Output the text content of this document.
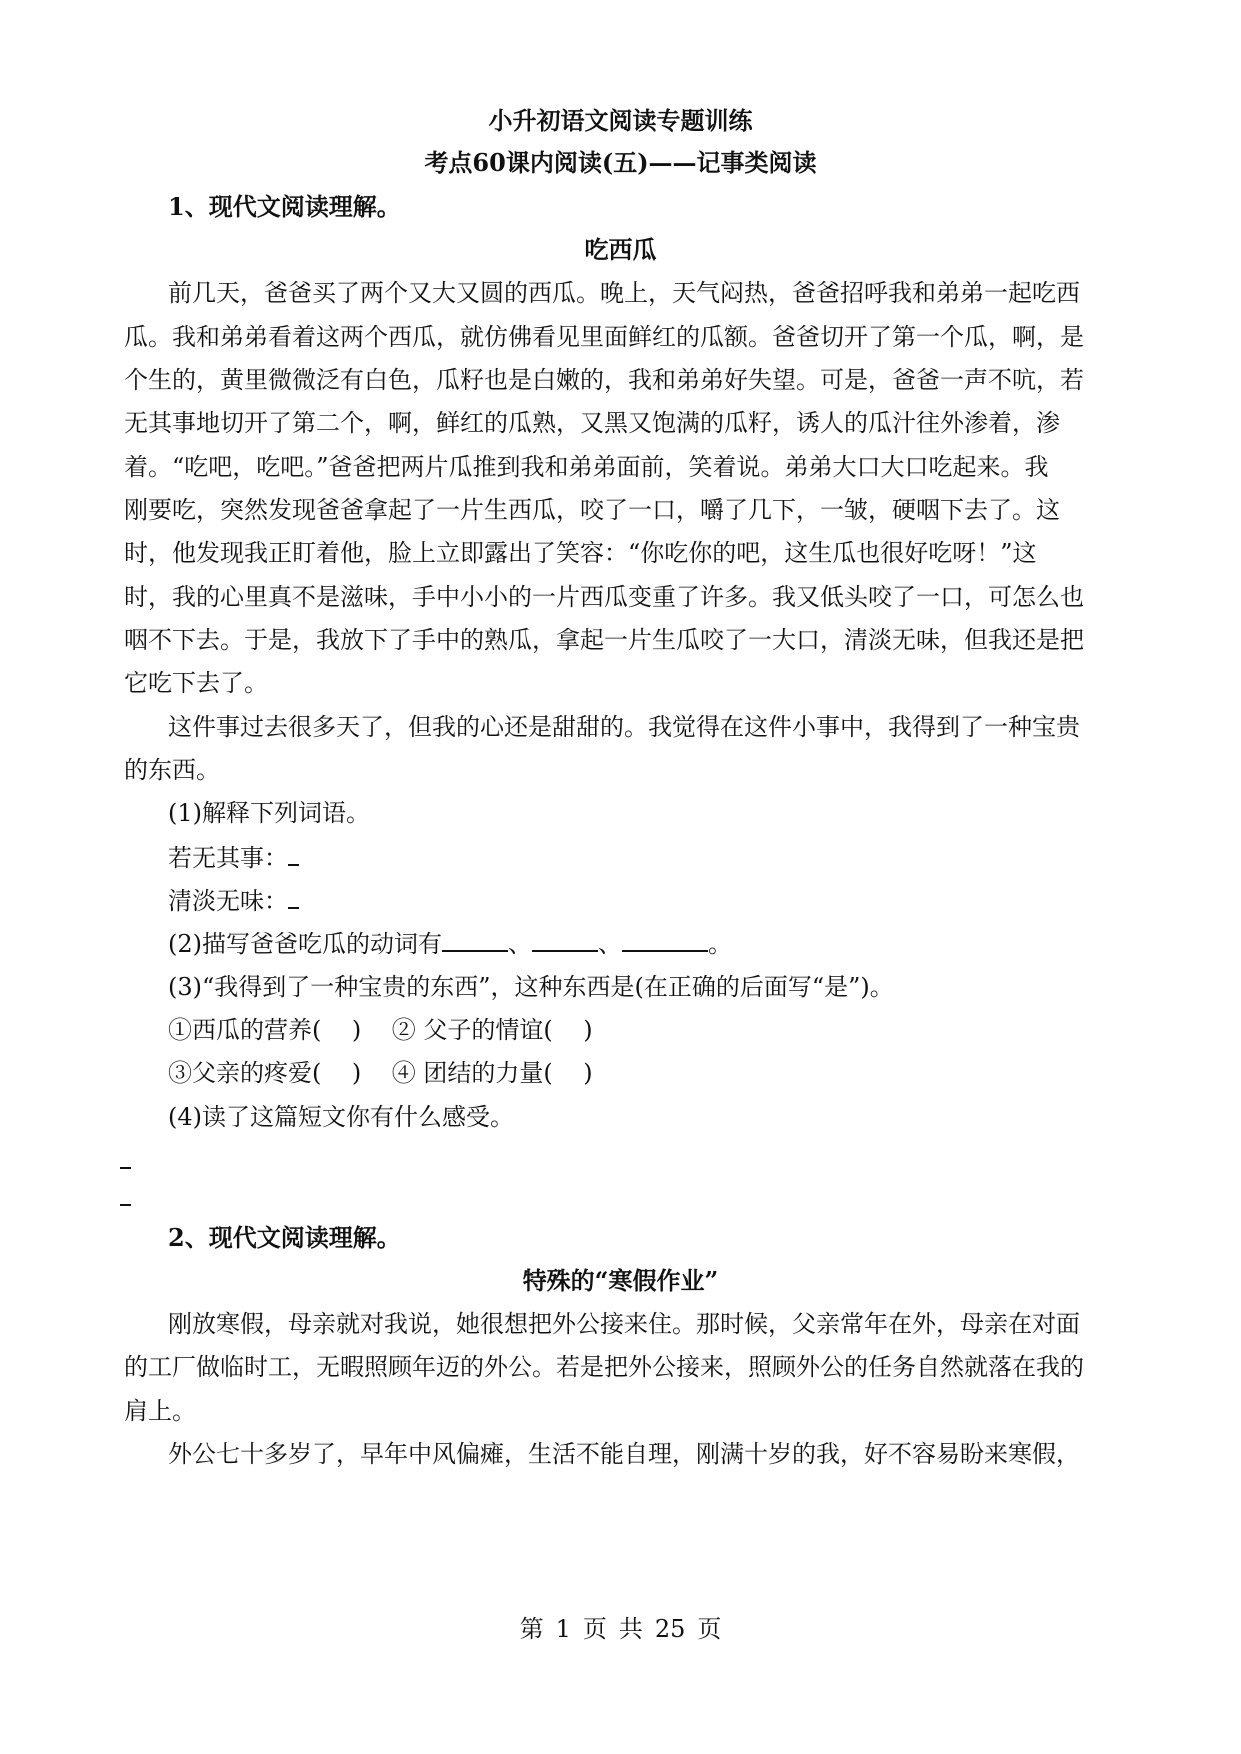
小升初语文阅读专题训练
考点60课内阅读(五)——记事类阅读
1、现代文阅读理解。
吃西瓜
前几天，爸爸买了两个又大又圆的西瓜。晚上，天气闷热，爸爸招呼我和弟弟一起吃西
瓜。我和弟弟看着这两个西瓜，就仿佛看见里面鲜红的瓜额。爸爸切开了第一个瓜，啊，是
个生的，黄里微微泛有白色，瓜籽也是白嫩的，我和弟弟好失望。可是，爸爸一声不吭，若
无其事地切开了第二个，啊，鲜红的瓜熟，又黑又饱满的瓜籽，诱人的瓜汁往外渗着，渗
着。“吃吧，吃吧。”爸爸把两片瓜推到我和弟弟面前，笑着说。弟弟大口大口吃起来。我
刚要吃，突然发现爸爸拿起了一片生西瓜，咬了一口，嚼了几下，一皱，硬咽下去了。这
时，他发现我正盯着他，脸上立即露出了笑容：“你吃你的吧，这生瓜也很好吃呀！”这
时，我的心里真不是滋味，手中小小的一片西瓜变重了许多。我又低头咬了一口，可怎么也
咽不下去。于是，我放下了手中的熟瓜，拿起一片生瓜咬了一大口，清淡无味，但我还是把
它吃下去了。
这件事过去很多天了，但我的心还是甜甜的。我觉得在这件小事中，我得到了一种宝贵
的东西。
(1)解释下列词语。
若无其事：
清淡无味：
(2)描写爸爸吃瓜的动词有	、	、	。
(3)“我得到了一种宝贵的东西”，这种东西是(在正确的后面写“是”)。
①西瓜的营养(    )    ② 父子的情谊(    )
③父亲的疼爱(    )    ④ 团结的力量(    )
(4)读了这篇短文你有什么感受。
2、现代文阅读理解。
特殊的“寒假作业”
刚放寒假，母亲就对我说，她很想把外公接来住。那时候，父亲常年在外，母亲在对面
的工厂做临时工，无暇照顾年迈的外公。若是把外公接来，照顾外公的任务自然就落在我的
肩上。
外公七十多岁了，早年中风偏瘫，生活不能自理，刚满十岁的我，好不容易盼来寒假，
第 1 页 共 25 页
